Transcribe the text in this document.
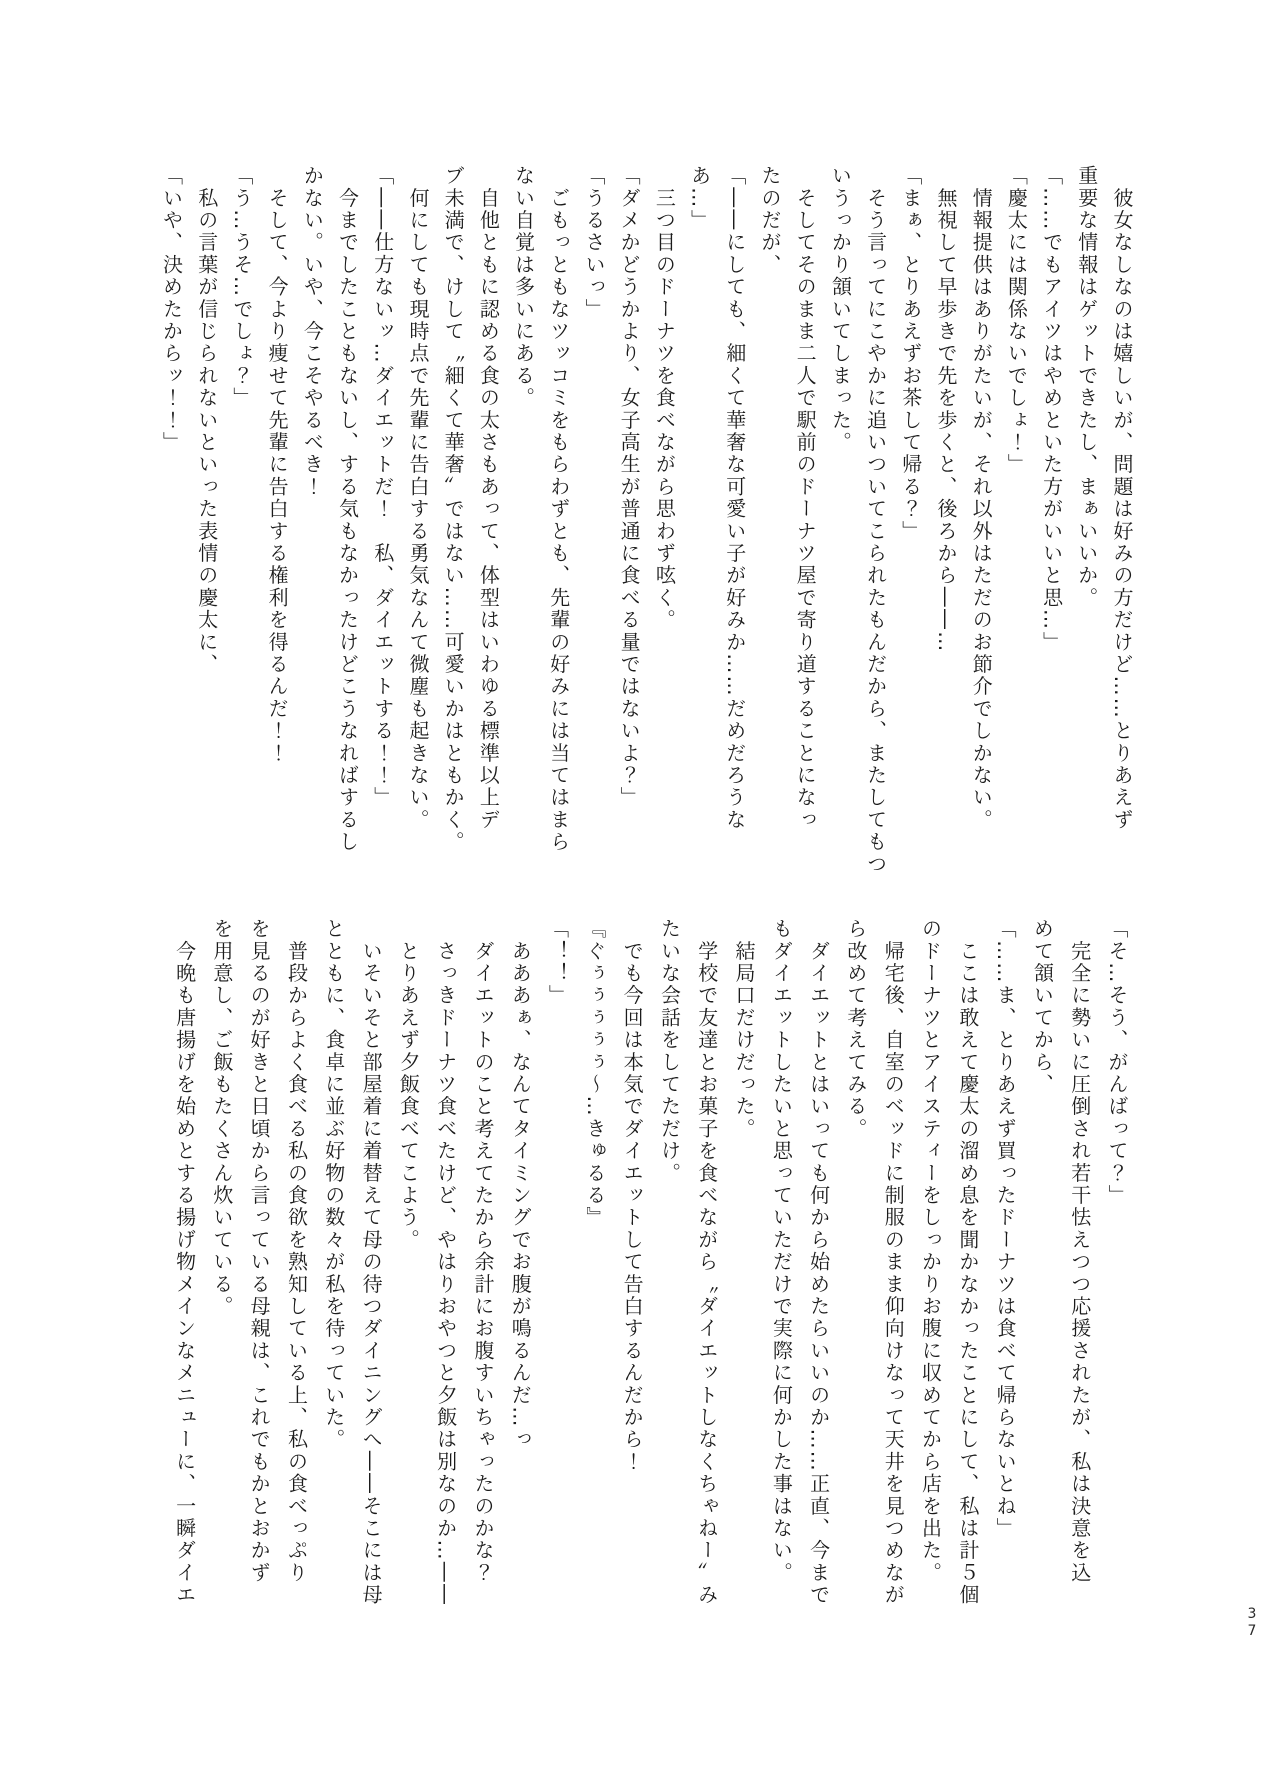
　彼女なしなのは嬉しいが、問題は好みの方だけど……とりあえず
重要な情報はゲットできたし、まぁいいか。
「……でもアイツはやめといた方がいいと思…」
「慶太には関係ないでしょ！」
　情報提供はありがたいが、それ以外はただのお節介でしかない。
　無視して早歩きで先を歩くと、後ろから――…
「まぁ、とりあえずお茶して帰る？」
　そう言ってにこやかに追いついてこられたもんだから、またしてもつ
いうっかり頷いてしまった。
　そしてそのまま二人で駅前のドーナツ屋で寄り道することになっ
たのだが、
「――にしても、細くて華奢な可愛い子が好みか……だめだろうな
あ…」
　三つ目のドーナツを食べながら思わず呟く。
「ダメかどうかより、女子高生が普通に食べる量ではないよ？」
「うるさいっ」
　ごもっともなツッコミをもらわずとも、先輩の好みには当てはまら
ない自覚は多いにある。
　自他ともに認める食の太さもあって、体型はいわゆる標準以上デ
ブ未満で、けして〝細くて華奢〟ではない……可愛いかはともかく。
　何にしても現時点で先輩に告白する勇気なんて微塵も起きない。
「――仕方ないッ…ダイエットだ！　私、ダイエットする！！」
　今までしたこともないし、する気もなかったけどこうなればするし
かない。いや、今こそやるべき！
　そして、今より痩せて先輩に告白する権利を得るんだ！！
「う…うそ…でしょ？」
　私の言葉が信じられないといった表情の慶太に、
「いや、決めたからッ！！」
「そ…そう、がんばって？」
　完全に勢いに圧倒され若干怯えつつ応援されたが、私は決意を込
めて頷いてから、
「……ま、とりあえず買ったドーナツは食べて帰らないとね」
　ここは敢えて慶太の溜め息を聞かなかったことにして、私は計５個
のドーナツとアイスティーをしっかりお腹に収めてから店を出た。
　帰宅後、自室のベッドに制服のまま仰向けなって天井を見つめなが
ら改めて考えてみる。
　ダイエットとはいっても何から始めたらいいのか……正直、今まで
もダイエットしたいと思っていただけで実際に何かした事はない。
　結局口だけだった。
　学校で友達とお菓子を食べながら〝ダイエットしなくちゃねー〟み
たいな会話をしてただけ。
　でも今回は本気でダイエットして告白するんだから！
『ぐぅぅぅぅぅ〜…きゅるる』
「！！」
　あああぁ、なんてタイミングでお腹が鳴るんだ…っ
　ダイエットのこと考えてたから余計にお腹すいちゃったのかな？
　さっきドーナツ食べたけど、やはりおやつと夕飯は別なのか…――
　とりあえず夕飯食べてこよう。
　いそいそと部屋着に着替えて母の待つダイニングへ――そこには母
とともに、食卓に並ぶ好物の数々が私を待っていた。
　普段からよく食べる私の食欲を熟知している上、私の食べっぷり
を見るのが好きと日頃から言っている母親は、これでもかとおかず
を用意し、ご飯もたくさん炊いている。
　今晩も唐揚げを始めとする揚げ物メインなメニューに、一瞬ダイエ
37
